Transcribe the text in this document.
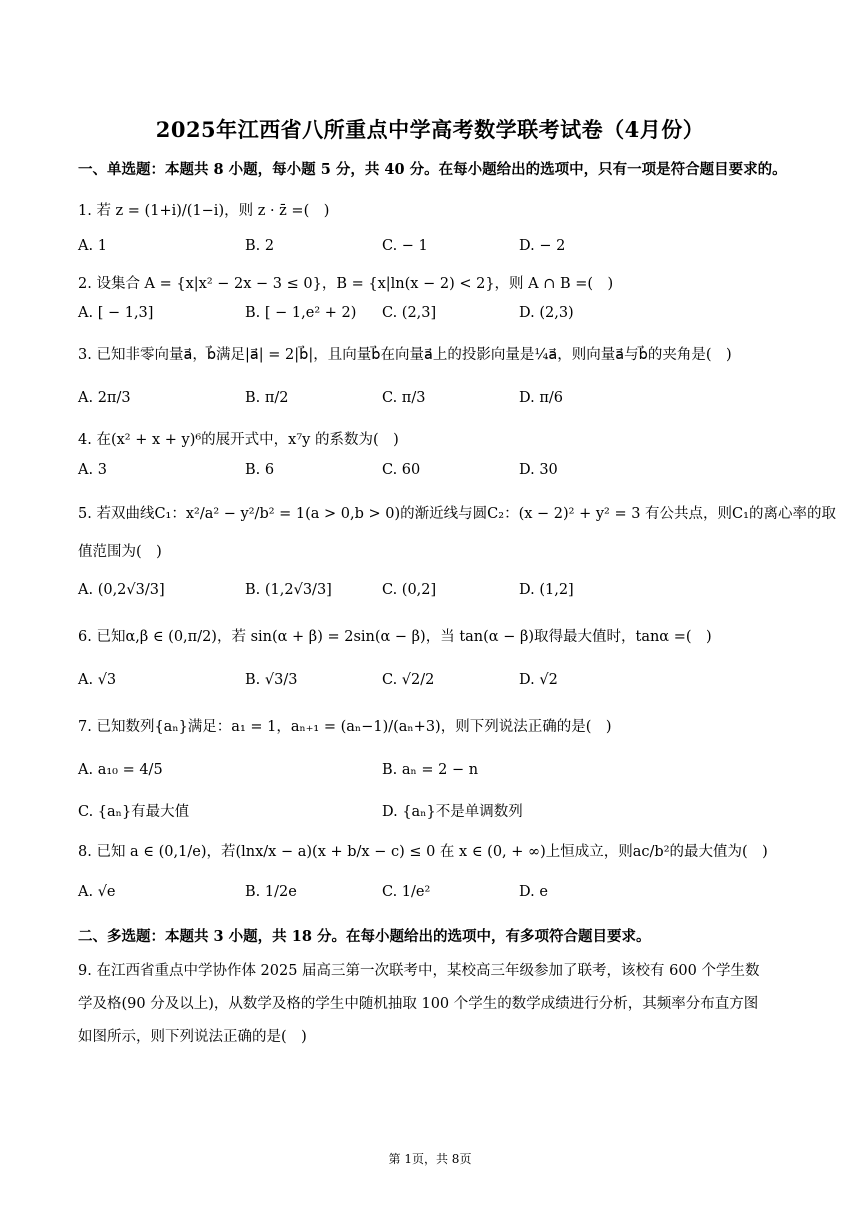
2025年江西省八所重点中学高考数学联考试卷（4月份）
一、单选题：本题共 8 小题，每小题 5 分，共 40 分。在每小题给出的选项中，只有一项是符合题目要求的。
1. 若 z = (1+i)/(1−i)，则 z · z̄ =(　)
A. 1	B. 2	C. − 1	D. − 2
2. 设集合 A = {x|x² − 2x − 3 ≤ 0}，B = {x|ln(x − 2) < 2}，则 A ∩ B =(　)
A. [ − 1,3]	B. [ − 1,e² + 2) C. (2,3]	D. (2,3)
3. 已知非零向量a⃗，b⃗满足|a⃗| = 2|b⃗|，且向量b⃗在向量a⃗上的投影向量是¼a⃗，则向量a⃗与b⃗的夹角是(　)
A. 2π/3	B. π/2	C. π/3	D. π/6
4. 在(x² + x + y)⁶的展开式中，x⁷y 的系数为(　)
A. 3	B. 6	C. 60	D. 30
5. 若双曲线C₁：x²/a² − y²/b² = 1(a > 0,b > 0)的渐近线与圆C₂：(x − 2)² + y² = 3 有公共点，则C₁的离心率的取
值范围为(　)
A. (0,2√3/3]	B. (1,2√3/3]	C. (0,2]	D. (1,2]
6. 已知α,β ∈ (0,π/2)，若 sin(α + β) = 2sin(α − β)，当 tan(α − β)取得最大值时，tanα =(　)
A. √3	B. √3/3	C. √2/2	D. √2
7. 已知数列{aₙ}满足：a₁ = 1，aₙ₊₁ = (aₙ−1)/(aₙ+3)，则下列说法正确的是(　)
A. a₁₀ = 4/5	B. aₙ = 2 − n
C. {aₙ}有最大值	D. {aₙ}不是单调数列
8. 已知 a ∈ (0,1/e)，若(lnx/x − a)(x + b/x − c) ≤ 0 在 x ∈ (0, + ∞)上恒成立，则ac/b²的最大值为(　)
A. √e	B. 1/2e	C. 1/e²	D. e
二、多选题：本题共 3 小题，共 18 分。在每小题给出的选项中，有多项符合题目要求。
9. 在江西省重点中学协作体 2025 届高三第一次联考中，某校高三年级参加了联考，该校有 600 个学生数
学及格(90 分及以上)，从数学及格的学生中随机抽取 100 个学生的数学成绩进行分析，其频率分布直方图
如图所示，则下列说法正确的是(　)
第 1页，共 8页
